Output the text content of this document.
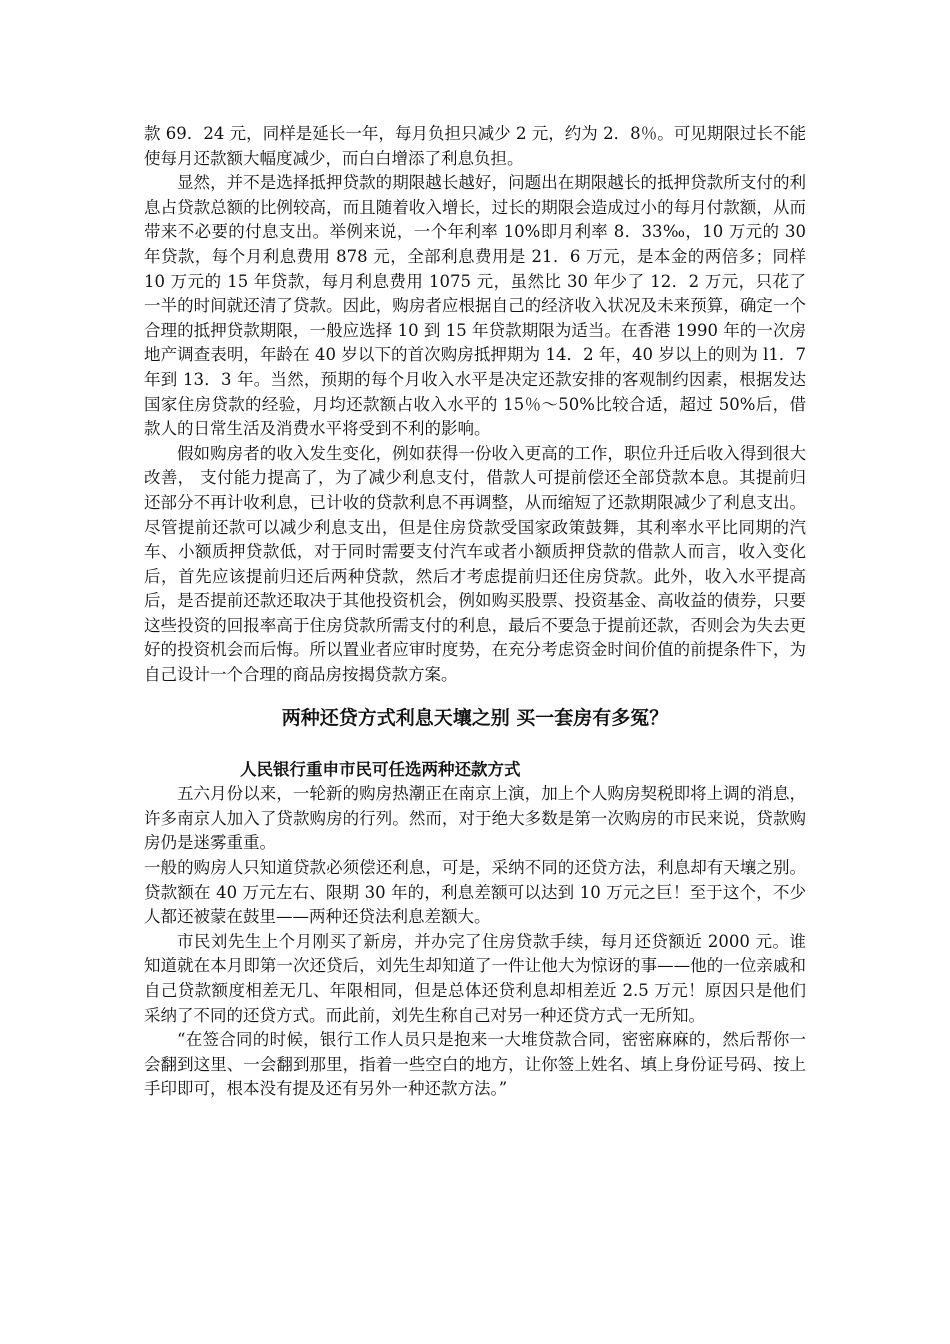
款 69．24 元，同样是延长一年，每月负担只减少 2 元，约为 2．8％。可见期限过长不能使每月还款额大幅度减少，而白白增添了利息负担。

显然，并不是选择抵押贷款的期限越长越好，问题出在期限越长的抵押贷款所支付的利息占贷款总额的比例较高，而且随着收入增长，过长的期限会造成过小的每月付款额，从而带来不必要的付息支出。举例来说，一个年利率 10%即月利率 8．33‰，10 万元的 30 年贷款，每个月利息费用 878 元，全部利息费用是 21．6 万元，是本金的两倍多；同样 10 万元的 15 年贷款，每月利息费用 1075 元，虽然比 30 年少了 12．2 万元，只花了一半的时间就还清了贷款。因此，购房者应根据自己的经济收入状况及未来预算，确定一个合理的抵押贷款期限，一般应选择 10 到 15 年贷款期限为适当。在香港 1990 年的一次房地产调查表明，年龄在 40 岁以下的首次购房抵押期为 14．2 年，40 岁以上的则为 l1．7 年到 13．3 年。当然，预期的每个月收入水平是决定还款安排的客观制约因素，根据发达国家住房贷款的经验，月均还款额占收入水平的 15％～50%比较合适，超过 50%后，借款人的日常生活及消费水平将受到不利的影响。

假如购房者的收入发生变化，例如获得一份收入更高的工作，职位升迁后收入得到很大改善， 支付能力提高了，为了减少利息支付，借款人可提前偿还全部贷款本息。其提前归还部分不再计收利息，已计收的贷款利息不再调整，从而缩短了还款期限减少了利息支出。尽管提前还款可以减少利息支出，但是住房贷款受国家政策鼓舞，其利率水平比同期的汽车、小额质押贷款低，对于同时需要支付汽车或者小额质押贷款的借款人而言，收入变化后，首先应该提前归还后两种贷款，然后才考虑提前归还住房贷款。此外，收入水平提高后，是否提前还款还取决于其他投资机会，例如购买股票、投资基金、高收益的债券，只要这些投资的回报率高于住房贷款所需支付的利息，最后不要急于提前还款，否则会为失去更好的投资机会而后悔。所以置业者应审时度势，在充分考虑资金时间价值的前提条件下，为自己设计一个合理的商品房按揭贷款方案。

两种还贷方式利息天壤之别 买一套房有多冤？
人民银行重申市民可任选两种还款方式

五六月份以来，一轮新的购房热潮正在南京上演，加上个人购房契税即将上调的消息，许多南京人加入了贷款购房的行列。然而，对于绝大多数是第一次购房的市民来说，贷款购房仍是迷雾重重。

一般的购房人只知道贷款必须偿还利息，可是，采纳不同的还贷方法，利息却有天壤之别。贷款额在 40 万元左右、限期 30 年的，利息差额可以达到 10 万元之巨！至于这个，不少人都还被蒙在鼓里——两种还贷法利息差额大。

市民刘先生上个月刚买了新房，并办完了住房贷款手续，每月还贷额近 2000 元。谁知道就在本月即第一次还贷后，刘先生却知道了一件让他大为惊讶的事——他的一位亲戚和自己贷款额度相差无几、年限相同，但是总体还贷利息却相差近 2.5 万元！原因只是他们采纳了不同的还贷方式。而此前，刘先生称自己对另一种还贷方式一无所知。

“在签合同的时候，银行工作人员只是抱来一大堆贷款合同，密密麻麻的，然后帮你一会翻到这里、一会翻到那里，指着一些空白的地方，让你签上姓名、填上身份证号码、按上手印即可，根本没有提及还有另外一种还款方法。”
